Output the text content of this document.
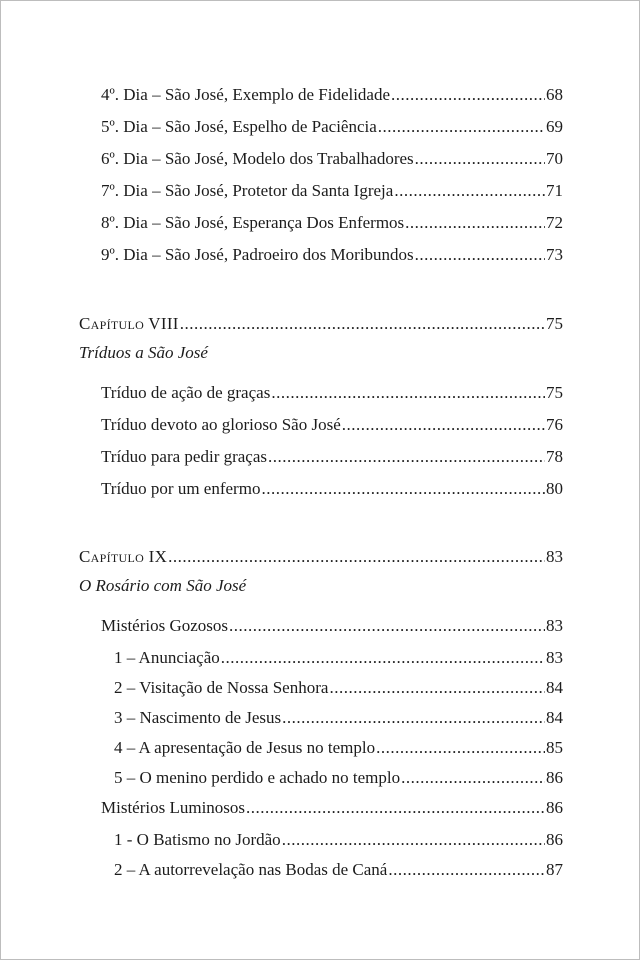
4º. Dia – São José, Exemplo de Fidelidade .....	68
5º. Dia – São José, Espelho de Paciência .....	69
6º. Dia – São José, Modelo dos Trabalhadores .....	70
7º. Dia – São José, Protetor da Santa Igreja .....	71
8º. Dia – São José, Esperança Dos Enfermos .....	72
9º. Dia – São José, Padroeiro dos Moribundos .....	73
Capítulo VIII .....	75
Tríduos a São José
Tríduo de ação de graças .....	75
Tríduo devoto ao glorioso São José .....	76
Tríduo para pedir graças .....	78
Tríduo por um enfermo .....	80
Capítulo IX .....	83
O Rosário com São José
Mistérios Gozosos .....	83
1 – Anunciação .....	83
2 – Visitação de Nossa Senhora .....	84
3 – Nascimento de Jesus .....	84
4 – A apresentação de Jesus no templo .....	85
5 – O menino perdido e achado no templo .....	86
Mistérios Luminosos .....	86
1 - O Batismo no Jordão .....	86
2 – A autorrevelação nas Bodas de Caná .....	87
